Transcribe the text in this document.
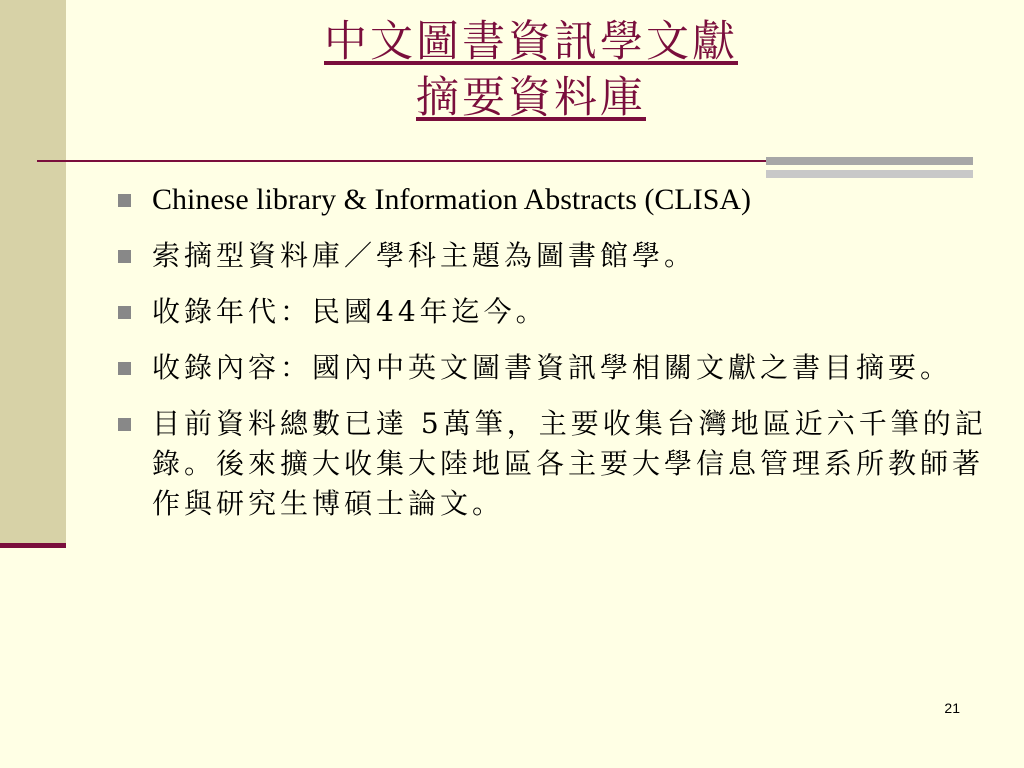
中文圖書資訊學文獻
摘要資料庫
Chinese library & Information Abstracts (CLISA)
索摘型資料庫／學科主題為圖書館學。
收錄年代：民國44年迄今。
收錄內容：國內中英文圖書資訊學相關文獻之書目摘要。
目前資料總數已達 5萬筆，主要收集台灣地區近六千筆的記錄。後來擴大收集大陸地區各主要大學信息管理系所教師著作與研究生博碩士論文。
21
